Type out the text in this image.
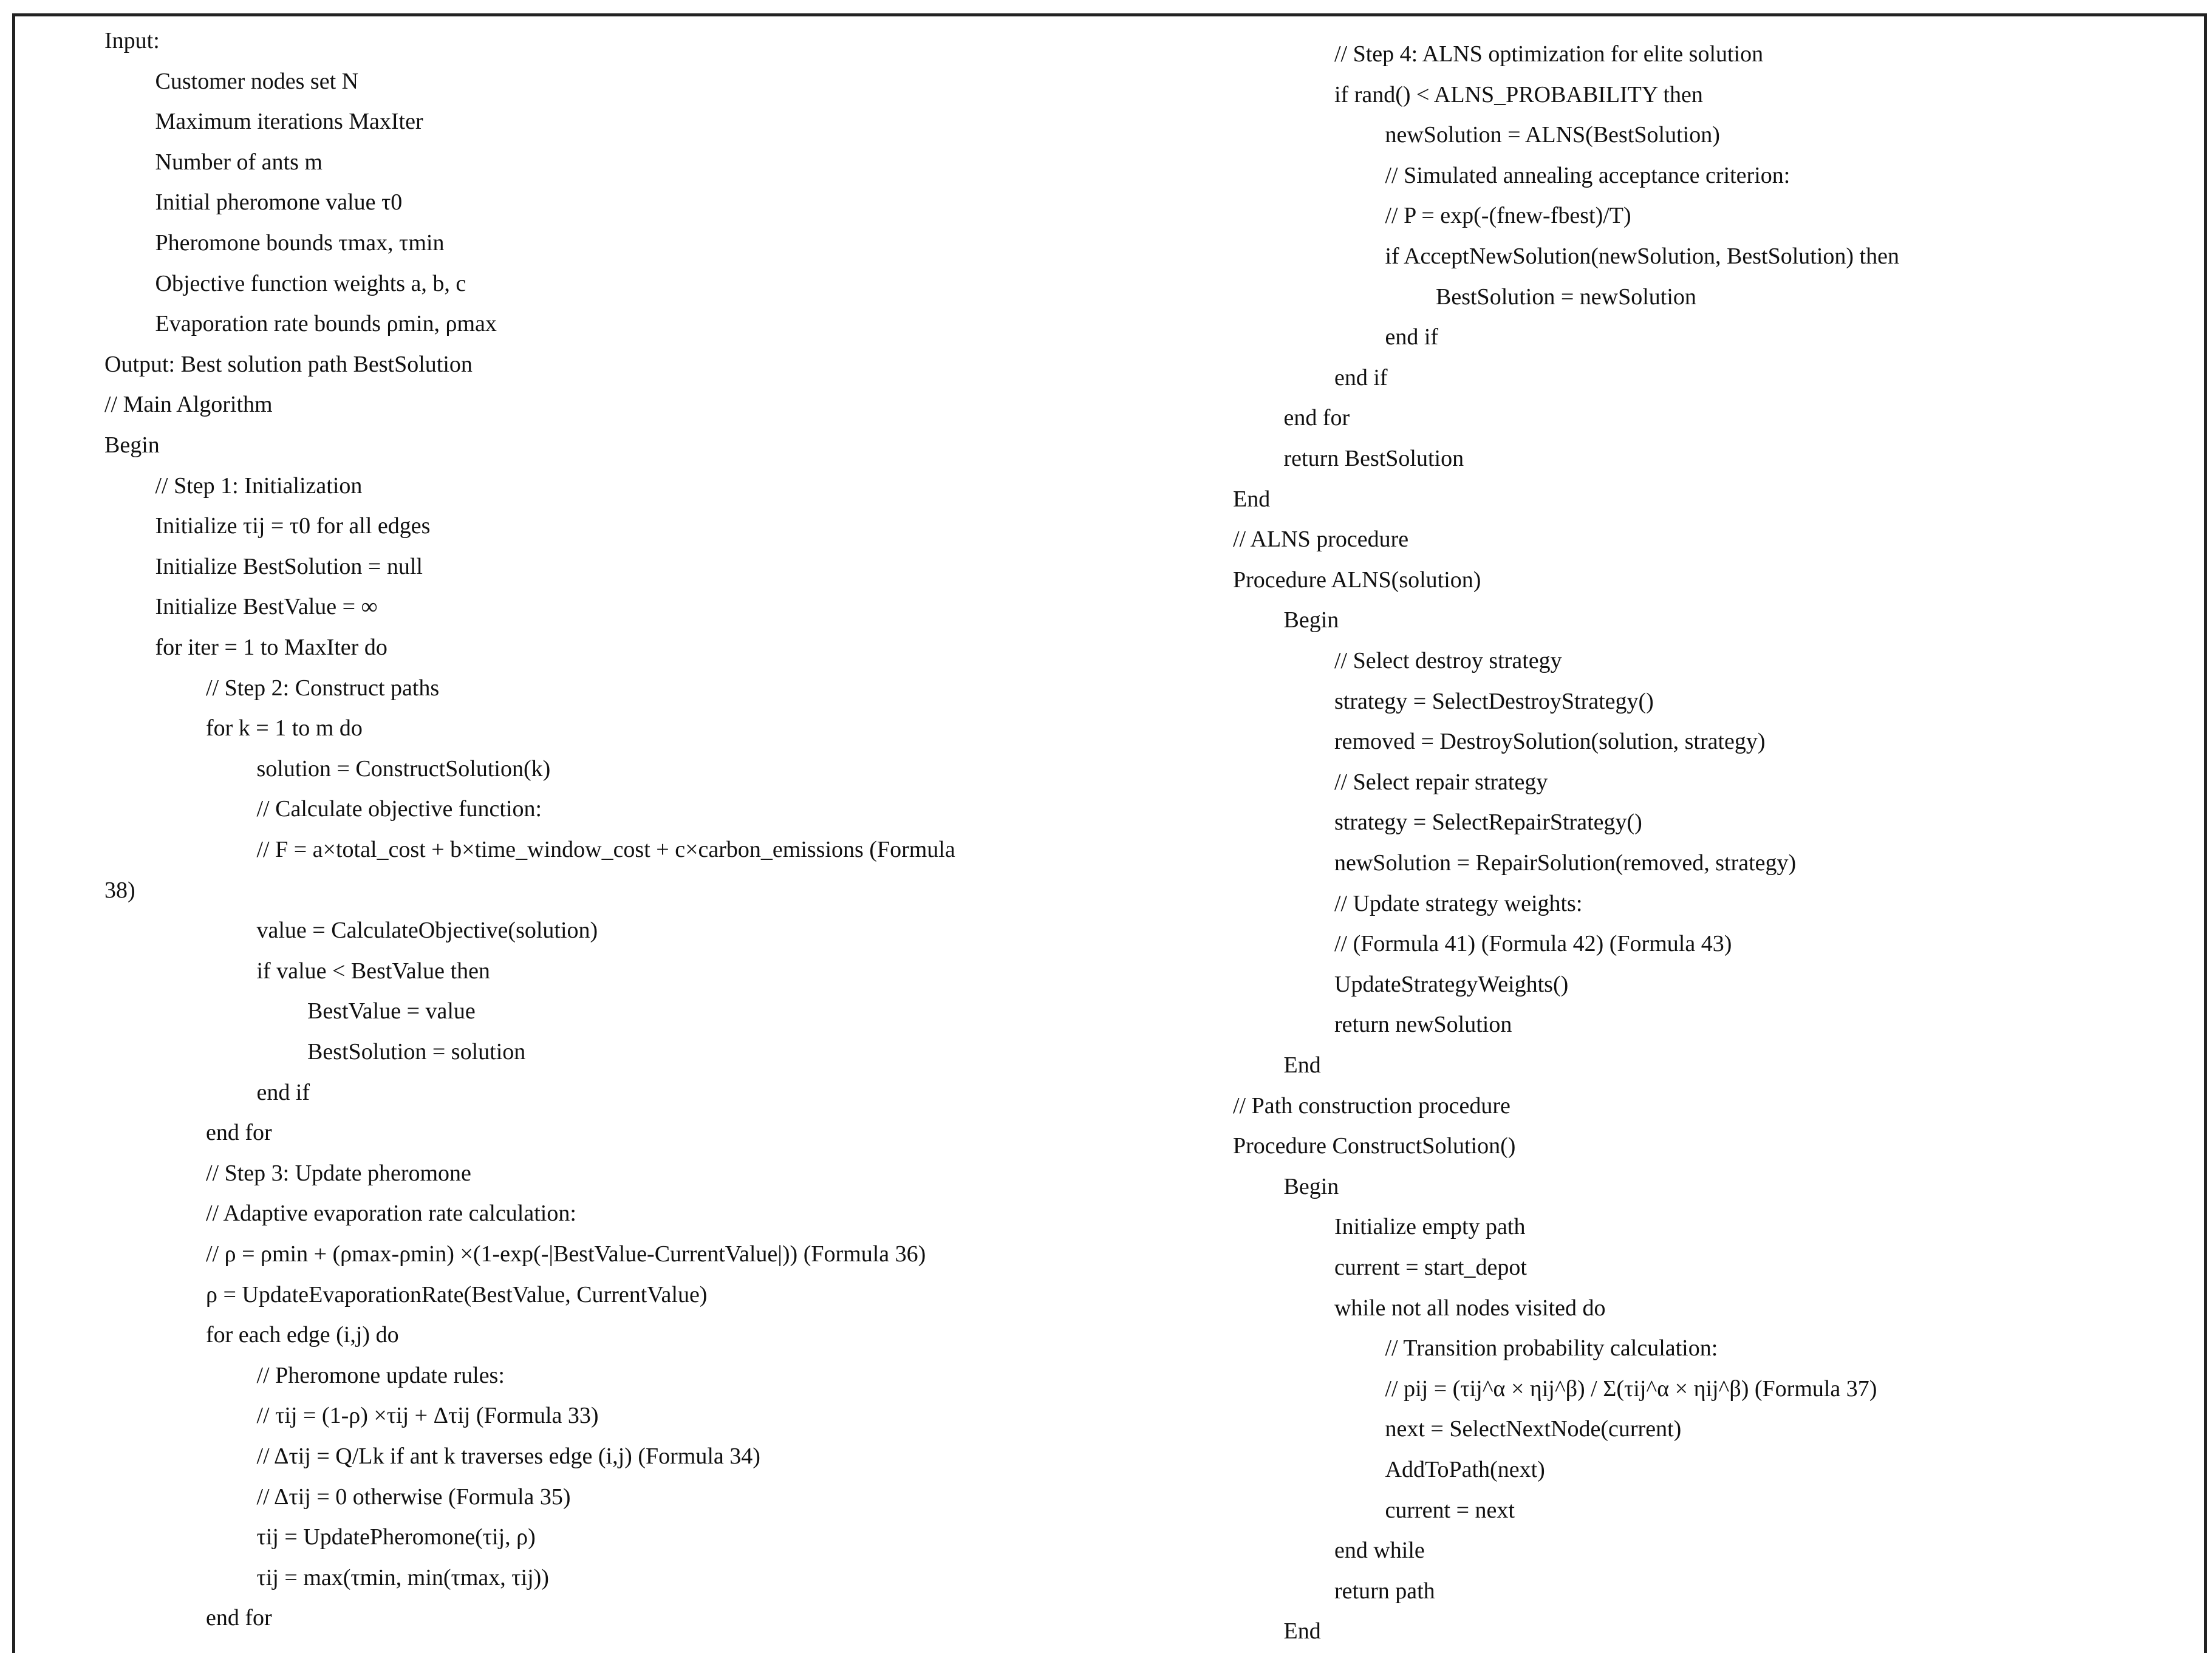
Input:
Customer nodes set N
Maximum iterations MaxIter
Number of ants m
Initial pheromone value τ0
Pheromone bounds τmax, τmin
Objective function weights a, b, c
Evaporation rate bounds ρmin, ρmax
Output: Best solution path BestSolution
// Main Algorithm
Begin
// Step 1: Initialization
Initialize τij = τ0 for all edges
Initialize BestSolution = null
Initialize BestValue = ∞
for iter = 1 to MaxIter do
// Step 2: Construct paths
for k = 1 to m do
solution = ConstructSolution(k)
// Calculate objective function:
// F = a×total_cost + b×time_window_cost + c×carbon_emissions (Formula
38)
value = CalculateObjective(solution)
if value < BestValue then
BestValue = value
BestSolution = solution
end if
end for
// Step 3: Update pheromone
// Adaptive evaporation rate calculation:
// ρ = ρmin + (ρmax-ρmin) ×(1-exp(-|BestValue-CurrentValue|)) (Formula 36)
ρ = UpdateEvaporationRate(BestValue, CurrentValue)
for each edge (i,j) do
// Pheromone update rules:
// τij = (1-ρ) ×τij + Δτij (Formula 33)
// Δτij = Q/Lk if ant k traverses edge (i,j) (Formula 34)
// Δτij = 0 otherwise (Formula 35)
τij = UpdatePheromone(τij, ρ)
τij = max(τmin, min(τmax, τij))
end for
// Step 4: ALNS optimization for elite solution
if rand() < ALNS_PROBABILITY then
newSolution = ALNS(BestSolution)
// Simulated annealing acceptance criterion:
// P = exp(-(fnew-fbest)/T)
if AcceptNewSolution(newSolution, BestSolution) then
BestSolution = newSolution
end if
end if
end for
return BestSolution
End
// ALNS procedure
Procedure ALNS(solution)
Begin
// Select destroy strategy
strategy = SelectDestroyStrategy()
removed = DestroySolution(solution, strategy)
// Select repair strategy
strategy = SelectRepairStrategy()
newSolution = RepairSolution(removed, strategy)
// Update strategy weights:
// (Formula 41) (Formula 42) (Formula 43)
UpdateStrategyWeights()
return newSolution
End
// Path construction procedure
Procedure ConstructSolution()
Begin
Initialize empty path
current = start_depot
while not all nodes visited do
// Transition probability calculation:
// pij = (τij^α × ηij^β) / Σ(τij^α × ηij^β) (Formula 37)
next = SelectNextNode(current)
AddToPath(next)
current = next
end while
return path
End
